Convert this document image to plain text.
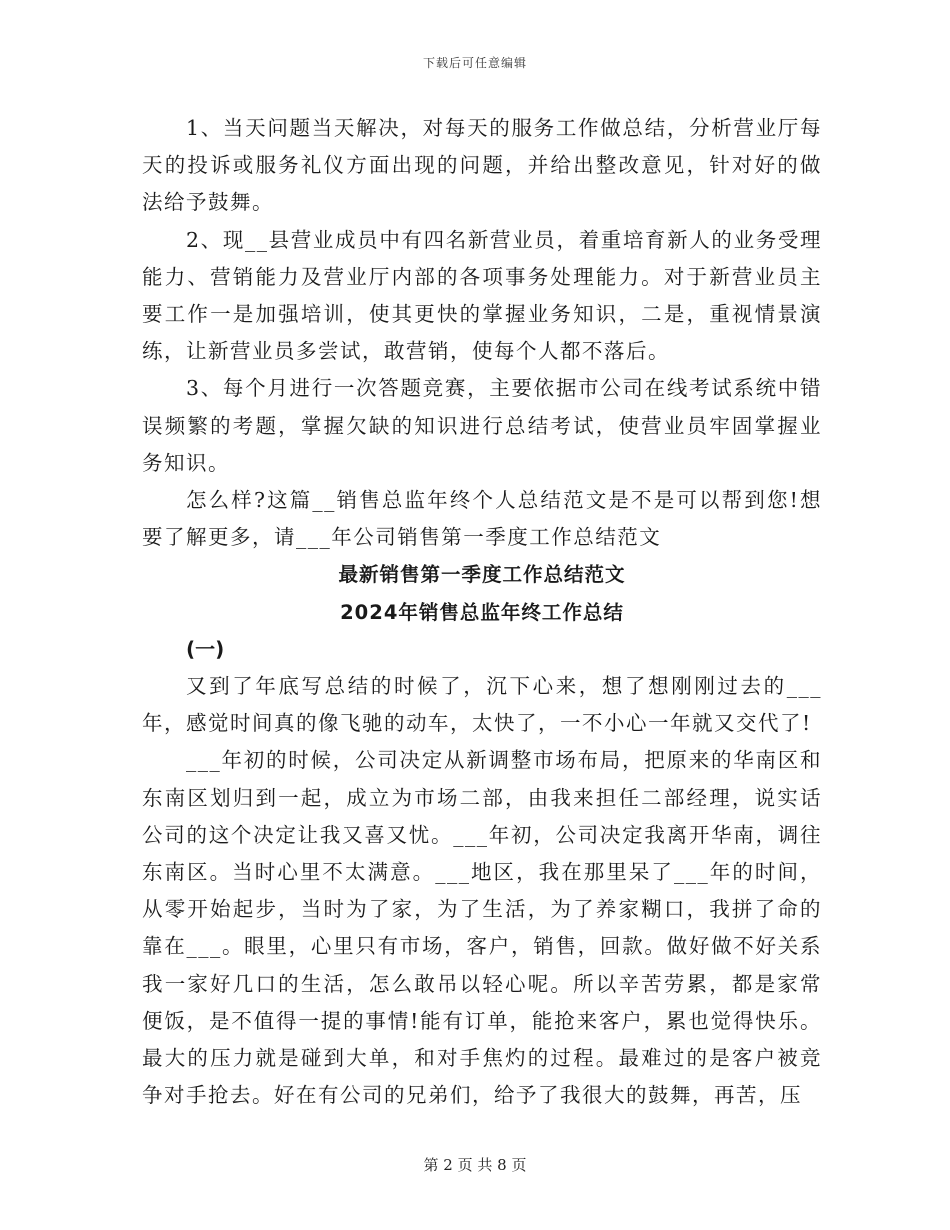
下载后可任意编辑

1、当天问题当天解决，对每天的服务工作做总结，分析营业厅每天的投诉或服务礼仪方面出现的问题，并给出整改意见，针对好的做法给予鼓舞。

2、现__县营业成员中有四名新营业员，着重培育新人的业务受理能力、营销能力及营业厅内部的各项事务处理能力。对于新营业员主要工作一是加强培训，使其更快的掌握业务知识，二是，重视情景演练，让新营业员多尝试，敢营销，使每个人都不落后。

3、每个月进行一次答题竞赛，主要依据市公司在线考试系统中错误频繁的考题，掌握欠缺的知识进行总结考试，使营业员牢固掌握业务知识。

怎么样?这篇__销售总监年终个人总结范文是不是可以帮到您!想要了解更多，请___年公司销售第一季度工作总结范文

最新销售第一季度工作总结范文
2024年销售总监年终工作总结

(一)

又到了年底写总结的时候了，沉下心来，想了想刚刚过去的___年，感觉时间真的像飞驰的动车，太快了，一不小心一年就又交代了!

___年初的时候，公司决定从新调整市场布局，把原来的华南区和东南区划归到一起，成立为市场二部，由我来担任二部经理，说实话公司的这个决定让我又喜又忧。___年初，公司决定我离开华南，调往东南区。当时心里不太满意。___地区，我在那里呆了___年的时间，从零开始起步，当时为了家，为了生活，为了养家糊口，我拼了命的靠在___。眼里，心里只有市场，客户，销售，回款。做好做不好关系我一家好几口的生活，怎么敢吊以轻心呢。所以辛苦劳累，都是家常便饭，是不值得一提的事情!能有订单，能抢来客户，累也觉得快乐。最大的压力就是碰到大单，和对手焦灼的过程。最难过的是客户被竞争对手抢去。好在有公司的兄弟们，给予了我很大的鼓舞，再苦，压

第 2 页 共 8 页
